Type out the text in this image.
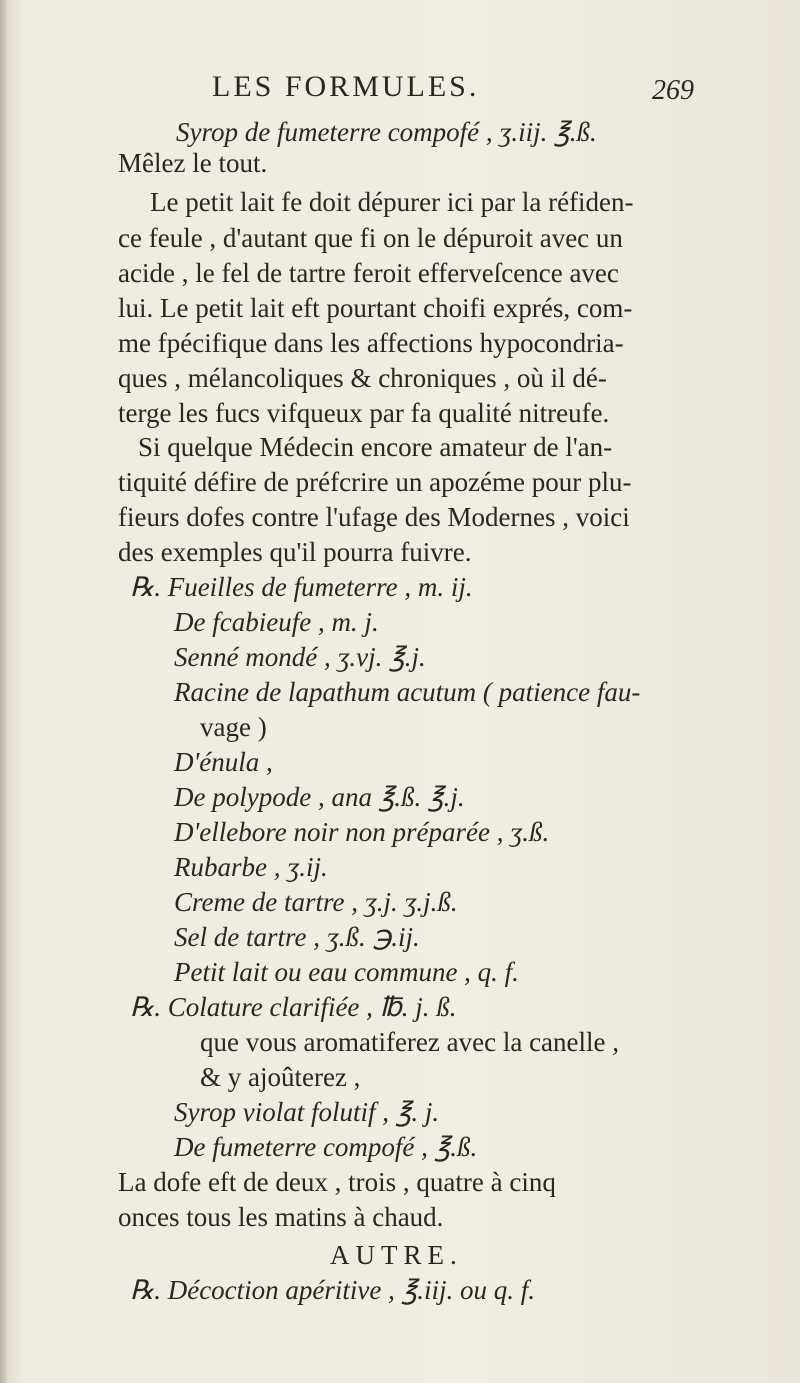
LES FORMULES.	269
Syrop de fumeterre compofé , ʒ.iij. ℥.ß.
Mêlez le tout.
Le petit lait fe doit dépurer ici par la réfiden-
ce feule , d'autant que fi on le dépuroit avec un
acide , le fel de tartre feroit efferveſcence avec
lui. Le petit lait eft pourtant choifi exprés, com-
me fpécifique dans les affections hypocondria-
ques , mélancoliques & chroniques , où il dé-
terge les fucs vifqueux par fa qualité nitreufe.
Si quelque Médecin encore amateur de l'an-
tiquité défire de préfcrire un apozéme pour plu-
fieurs dofes contre l'ufage des Modernes , voici
des exemples qu'il pourra fuivre.
℞. Fueilles de fumeterre , m. ij.
De fcabieufe , m. j.
Senné mondé , ʒ.vj. ℥.j.
Racine de lapathum acutum ( patience fau-
vage )
D'énula ,
De polypode , ana ℥.ß. ℥.j.
D'ellebore noir non préparée , ʒ.ß.
Rubarbe , ʒ.ij.
Creme de tartre , ʒ.j. ʒ.j.ß.
Sel de tartre , ʒ.ß. ℈.ij.
Petit lait ou eau commune , q. f.
℞. Colature clarifiée , ℔. j. ß.
que vous aromatiferez avec la canelle ,
& y ajoûterez ,
Syrop violat folutif , ℥. j.
De fumeterre compofé , ℥.ß.
La dofe eft de deux , trois , quatre à cinq
onces tous les matins à chaud.
AUTRE.
℞. Décoction apéritive , ℥.iij. ou q. f.
